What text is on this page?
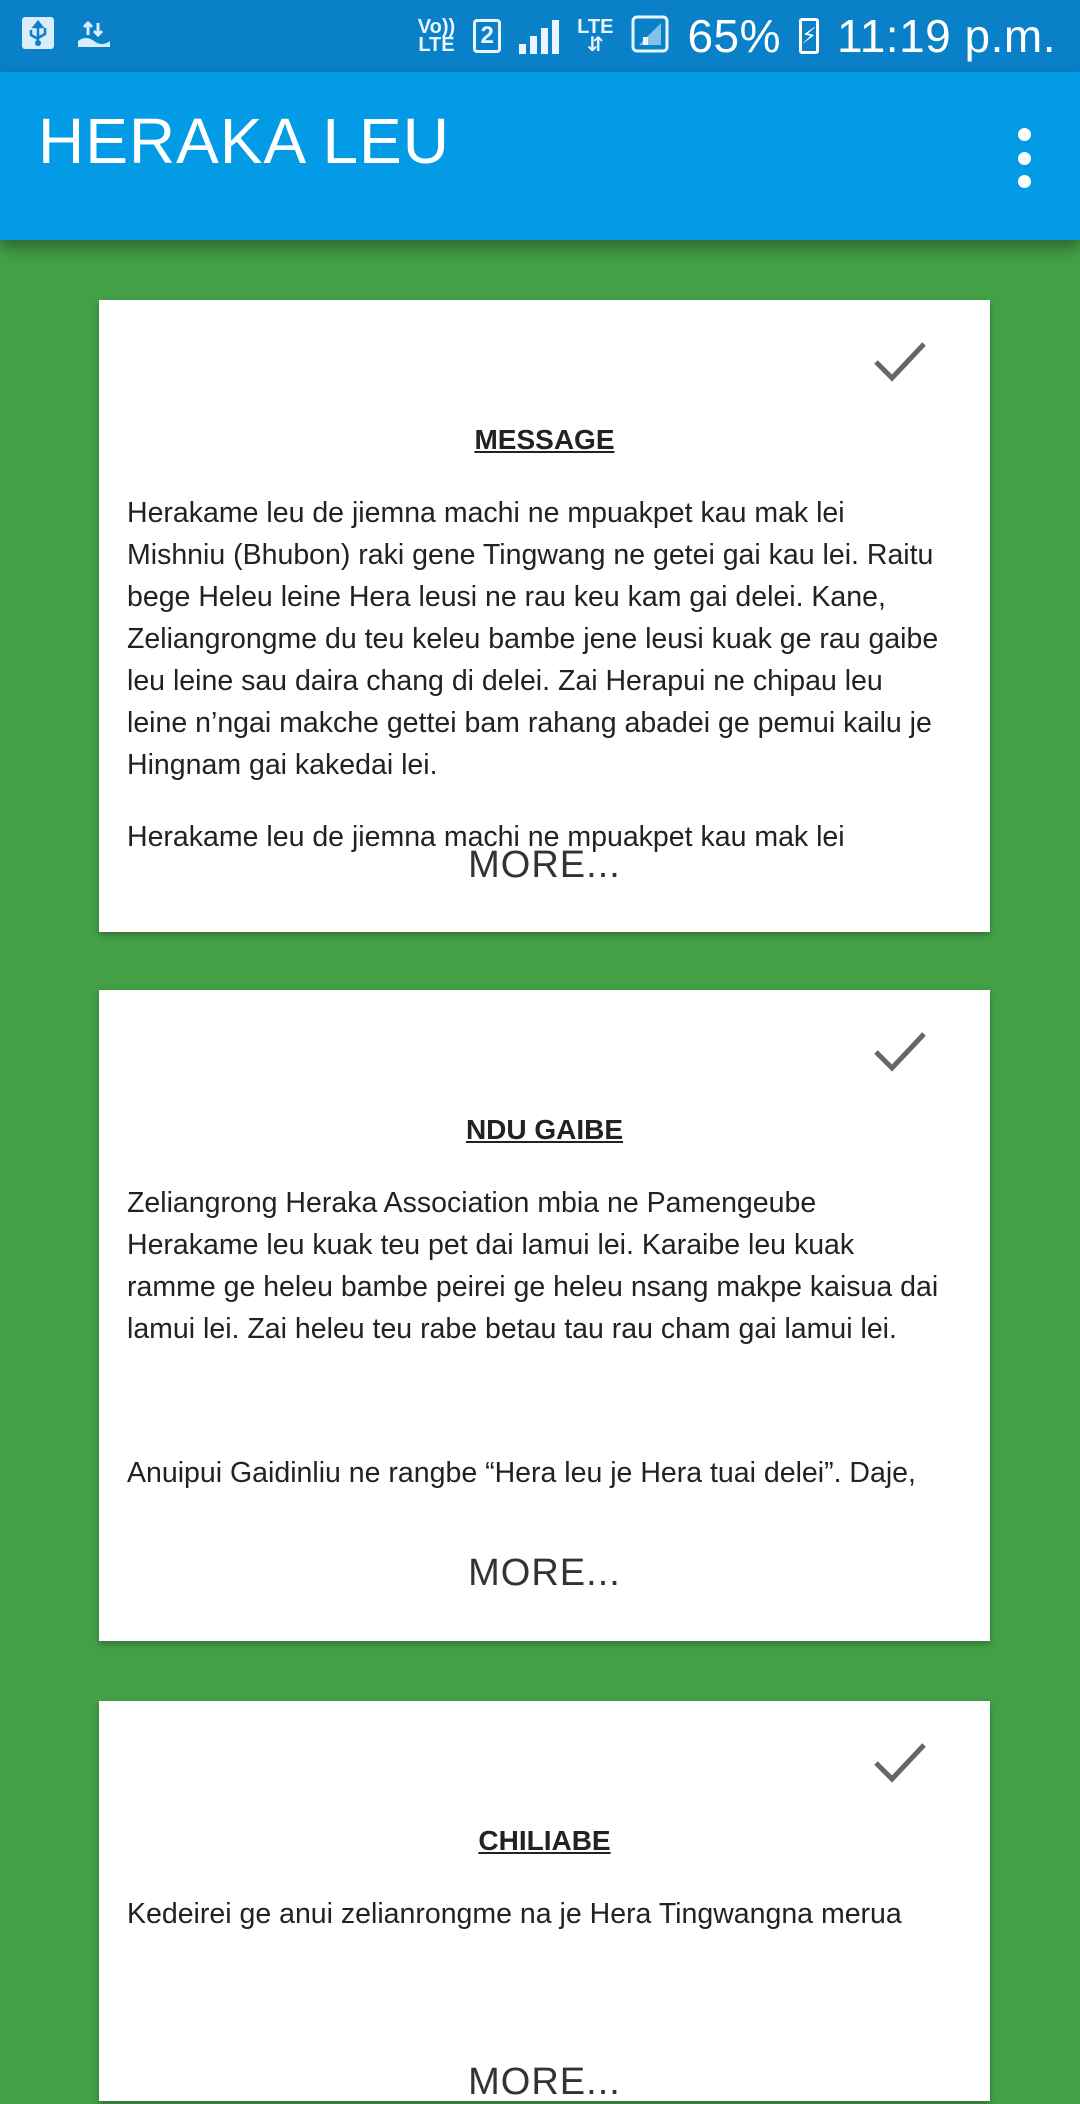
Vo))
LTE	2	LTE
⇵ 65% ⚡ 11:19 p.m.
HERAKA LEU
MESSAGE

Herakame leu de jiemna machi ne mpuakpet kau mak lei Mishniu (Bhubon) raki gene Tingwang ne getei gai kau lei. Raitu bege Heleu leine Hera leusi ne rau keu kam gai delei. Kane, Zeliangrongme du teu keleu bambe jene leusi kuak ge rau gaibe leu leine sau daira chang di delei. Zai Herapui ne chipau leu leine n’ngai makche gettei bam rahang abadei ge pemui kailu je Hingnam gai kakedai lei.

Herakame leu de jiemna machi ne mpuakpet kau mak lei

MORE...
NDU GAIBE

Zeliangrong Heraka Association mbia ne Pamengeube Herakame leu kuak teu pet dai lamui lei. Karaibe leu kuak ramme ge heleu bambe peirei ge heleu nsang makpe kaisua dai lamui lei. Zai heleu teu rabe betau tau rau cham gai lamui lei.

Anuipui Gaidinliu ne rangbe “Hera leu je Hera tuai delei”. Daje,

MORE...
CHILIABE

Kedeirei ge anui zelianrongme na je Hera Tingwangna merua

MORE...
